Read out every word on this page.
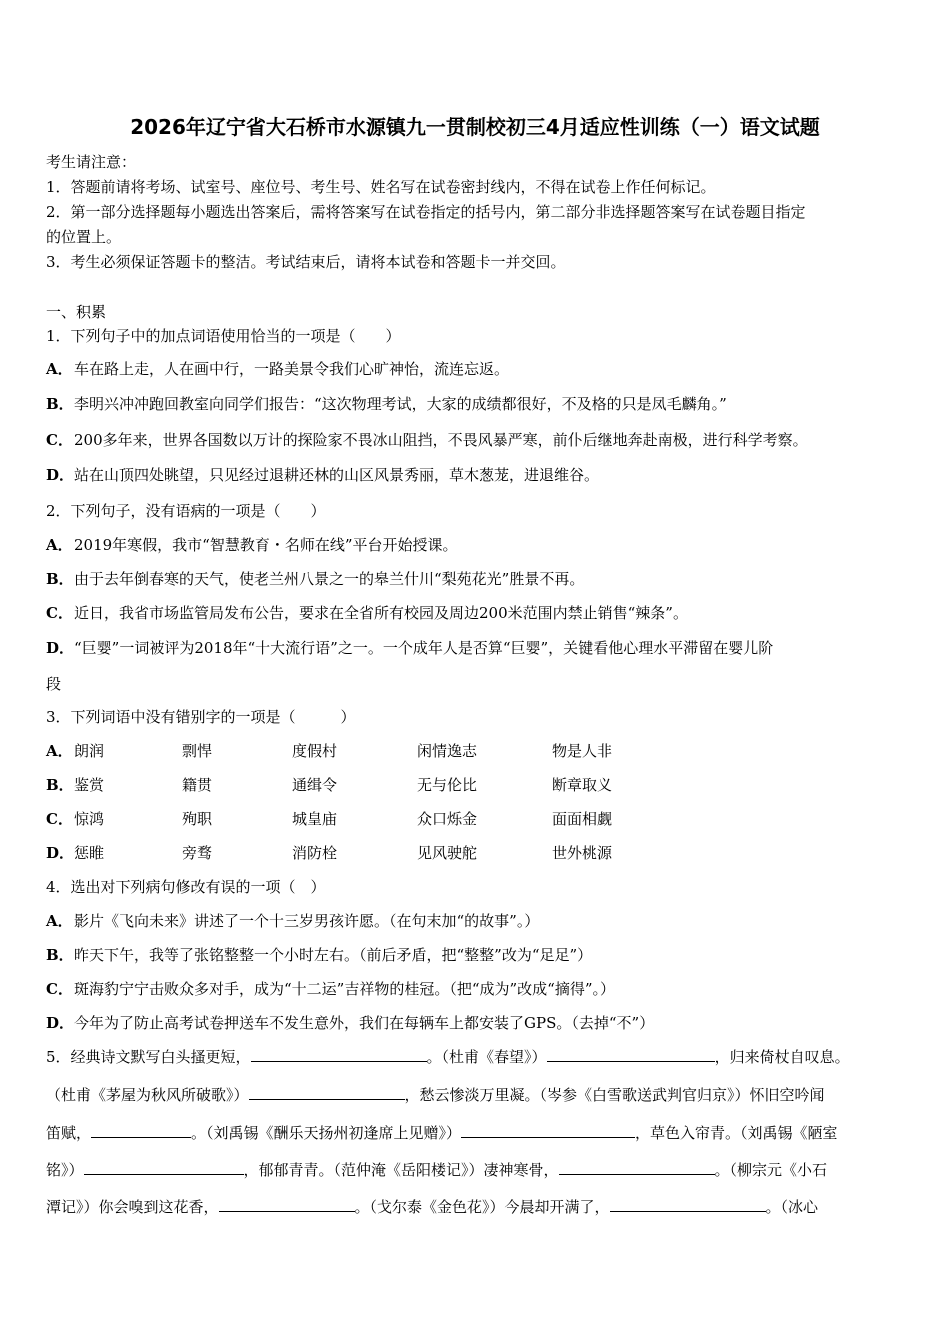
2026年辽宁省大石桥市水源镇九一贯制校初三4月适应性训练（一）语文试题
考生请注意：
1．答题前请将考场、试室号、座位号、考生号、姓名写在试卷密封线内，不得在试卷上作任何标记。
2．第一部分选择题每小题选出答案后，需将答案写在试卷指定的括号内，第二部分非选择题答案写在试卷题目指定
的位置上。
3．考生必须保证答题卡的整洁。考试结束后，请将本试卷和答题卡一并交回。
一、积累
1．下列句子中的加点词语使用恰当的一项是（　　）
A． 车在路上走，人在画中行，一路美景令我们心旷神怡，流连忘返。
B． 李明兴冲冲跑回教室向同学们报告：“这次物理考试，大家的成绩都很好，不及格的只是凤毛麟角。”
C． 200多年来，世界各国数以万计的探险家不畏冰山阻挡，不畏风暴严寒，前仆后继地奔赴南极，进行科学考察。
D． 站在山顶四处眺望，只见经过退耕还林的山区风景秀丽，草木葱茏，进退维谷。
2．下列句子，没有语病的一项是（　　）
A． 2019年寒假，我市“智慧教育・名师在线”平台开始授课。
B． 由于去年倒春寒的天气，使老兰州八景之一的皋兰什川“梨苑花光”胜景不再。
C． 近日，我省市场监管局发布公告，要求在全省所有校园及周边200米范围内禁止销售“辣条”。
D． “巨婴”一词被评为2018年“十大流行语”之一。一个成年人是否算“巨婴”，关键看他心理水平滞留在婴儿阶
段
3．下列词语中没有错别字的一项是（　　　）
A． 朗润	剽悍	度假村	闲情逸志	物是人非
B． 鉴赏	籍贯	通缉令	无与伦比	断章取义
C． 惊鸿	殉职	城皇庙	众口烁金	面面相觑
D． 惩睢	旁骛	消防栓	见风驶舵	世外桃源
4．选出对下列病句修改有误的一项（　）
A． 影片《飞向未来》讲述了一个十三岁男孩许愿。（在句末加“的故事”。）
B． 昨天下午，我等了张铭整整一个小时左右。（前后矛盾，把“整整”改为“足足”）
C． 斑海豹宁宁击败众多对手，成为“十二运”吉祥物的桂冠。（把“成为”改成“摘得”。）
D． 今年为了防止高考试卷押送车不发生意外，我们在每辆车上都安装了GPS。（去掉“不”）
5．经典诗文默写白头搔更短，	。（杜甫《春望》）	，归来倚杖自叹息。
（杜甫《茅屋为秋风所破歌》）	，愁云惨淡万里凝。（岑参《白雪歌送武判官归京》）怀旧空吟闻
笛赋，	。（刘禹锡《酬乐天扬州初逢席上见赠》）	，草色入帘青。（刘禹锡《陋室
铭》）	，郁郁青青。（范仲淹《岳阳楼记》）凄神寒骨，	。（柳宗元《小石
潭记》）你会嗅到这花香，	。（戈尔泰《金色花》）今晨却开满了，	。（冰心
